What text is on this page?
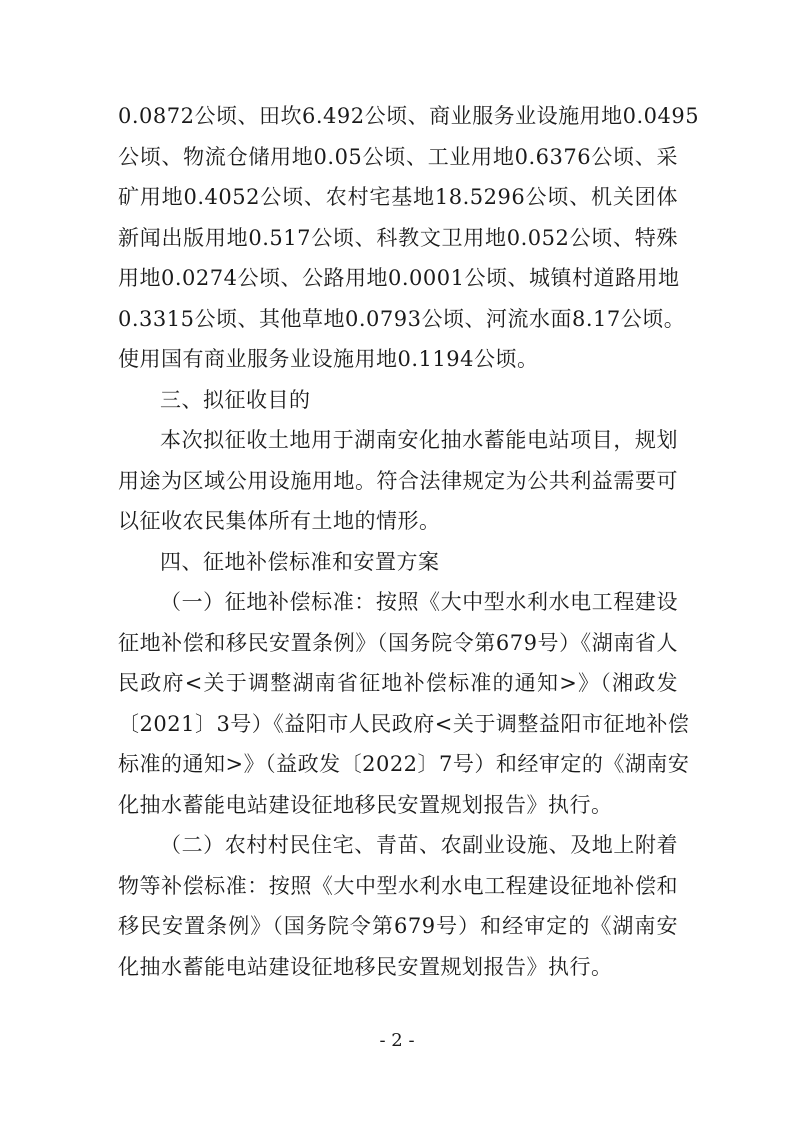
0.0872公顷、田坎6.492公顷、商业服务业设施用地0.0495
公顷、物流仓储用地0.05公顷、工业用地0.6376公顷、采
矿用地0.4052公顷、农村宅基地18.5296公顷、机关团体
新闻出版用地0.517公顷、科教文卫用地0.052公顷、特殊
用地0.0274公顷、公路用地0.0001公顷、城镇村道路用地
0.3315公顷、其他草地0.0793公顷、河流水面8.17公顷。
使用国有商业服务业设施用地0.1194公顷。
三、拟征收目的
本次拟征收土地用于湖南安化抽水蓄能电站项目，规划
用途为区域公用设施用地。符合法律规定为公共利益需要可
以征收农民集体所有土地的情形。
四、征地补偿标准和安置方案
（一）征地补偿标准：按照《大中型水利水电工程建设
征地补偿和移民安置条例》（国务院令第679号）《湖南省人
民政府<关于调整湖南省征地补偿标准的通知>》（湘政发
〔2021〕3号）《益阳市人民政府<关于调整益阳市征地补偿
标准的通知>》（益政发〔2022〕7号）和经审定的《湖南安
化抽水蓄能电站建设征地移民安置规划报告》执行。
（二）农村村民住宅、青苗、农副业设施、及地上附着
物等补偿标准：按照《大中型水利水电工程建设征地补偿和
移民安置条例》（国务院令第679号）和经审定的《湖南安
化抽水蓄能电站建设征地移民安置规划报告》执行。
- 2 -
